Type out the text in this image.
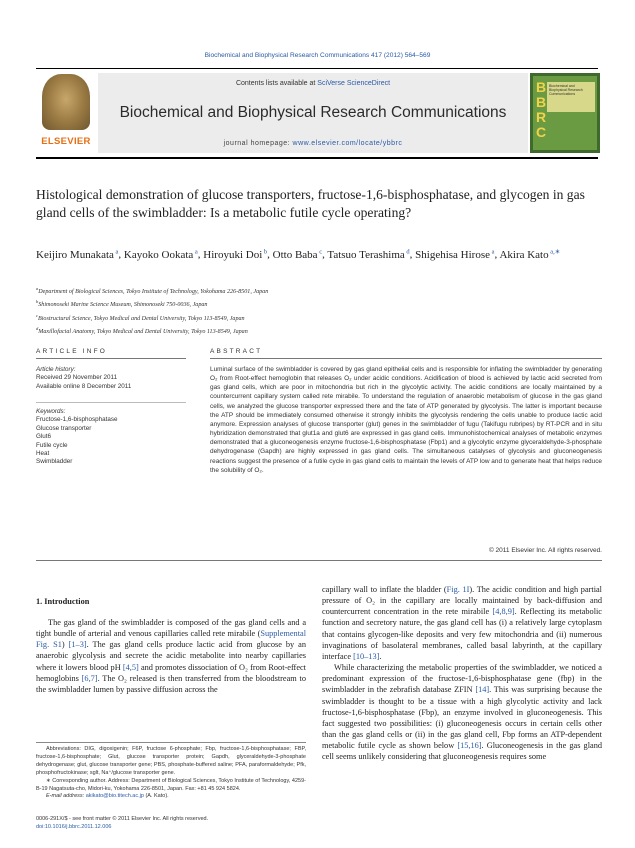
Biochemical and Biophysical Research Communications 417 (2012) 564–569
ELSEVIER
Contents lists available at SciVerse ScienceDirect
Biochemical and Biophysical Research Communications
journal homepage: www.elsevier.com/locate/ybbrc
B
B
R
C
Biochemical and Biophysical Research Communications
Histological demonstration of glucose transporters, fructose-1,6-bisphosphatase, and glycogen in gas gland cells of the swimbladder: Is a metabolic futile cycle operating?
Keijiro Munakata $^a$, Kayoko Ookata $^a$, Hiroyuki Doi $^b$, Otto Baba $^c$, Tatsuo Terashima $^d$, Shigehisa Hirose $^a$, Akira Kato $^{a,∗}$
$^a$Department of Biological Sciences, Tokyo Institute of Technology, Yokohama 226-8501, Japan
$^b$Shimonoseki Marine Science Museum, Shimonoseki 750-0036, Japan
$^c$Biostructural Science, Tokyo Medical and Dental University, Tokyo 113-8549, Japan
$^d$Maxillofacial Anatomy, Tokyo Medical and Dental University, Tokyo 113-8549, Japan
ARTICLE INFO	ABSTRACT
Article history:
Received 29 November 2011
Available online 8 December 2011
Keywords:
Fructose-1,6-bisphosphatase
Glucose transporter
Glut6
Futile cycle
Heat
Swimbladder
Luminal surface of the swimbladder is covered by gas gland epithelial cells and is responsible for inflating the swimbladder by generating O₂ from Root-effect hemoglobin that releases O₂ under acidic conditions. Acidification of blood is achieved by lactic acid secreted from gas gland cells, which are poor in mitochondria but rich in the glycolytic activity. The acidic conditions are locally maintained by a countercurrent capillary system called rete mirabile. To understand the regulation of anaerobic metabolism of glucose in the gas gland cells, we analyzed the glucose transporter expressed there and the fate of ATP generated by glycolysis. The latter is important because the ATP should be immediately consumed otherwise it strongly inhibits the glycolysis rendering the cells unable to produce lactic acid anymore. Expression analyses of glucose transporter (glut) genes in the swimbladder of fugu (Takifugu rubripes) by RT-PCR and in situ hybridization demonstrated that glut1a and glut6 are expressed in gas gland cells. Immunohistochemical analyses of metabolic enzymes demonstrated that a gluconeogenesis enzyme fructose-1,6-bisphosphatase (Fbp1) and a glycolytic enzyme glyceraldehyde-3-phosphate dehydrogenase (Gapdh) are highly expressed in gas gland cells. The simultaneous catalyses of glycolysis and gluconeogenesis reactions suggest the presence of a futile cycle in gas gland cells to maintain the levels of ATP low and to generate heat that helps reduce the solubility of O₂.
© 2011 Elsevier Inc. All rights reserved.
1. Introduction

The gas gland of the swimbladder is composed of the gas gland cells and a tight bundle of arterial and venous capillaries called rete mirabile (Supplemental Fig. S1) [1–3]. The gas gland cells produce lactic acid from glucose by an anaerobic glycolysis and secrete the acidic metabolite into nearby capillaries where it lowers blood pH [4,5] and promotes dissociation of O₂ from Root-effect hemoglobins [6,7]. The O₂ released is then transferred from the bloodstream to the swimbladder lumen by passive diffusion across the

capillary wall to inflate the bladder (Fig. 1I). The acidic condition and high partial pressure of O₂ in the capillary are locally maintained by back-diffusion and countercurrent concentration in the rete mirabile [4,8,9]. Reflecting its metabolic function and secretory nature, the gas gland cell has (i) a relatively large cytoplasm that contains glycogen-like deposits and very few mitochondria and (ii) numerous invaginations of basolateral membranes, called basal labyrinth, at the capillary interface [10–13].

While characterizing the metabolic properties of the swimbladder, we noticed a predominant expression of the fructose-1,6-bisphosphatase gene (fbp) in the swimbladder in the zebrafish database ZFIN [14]. This was surprising because the swimbladder is thought to be a tissue with a high glycolytic activity and lack fructose-1,6-bisphosphatase (Fbp), an enzyme involved in gluconeogenesis. This fact suggested two possibilities: (i) gluconeogenesis occurs in certain cells other than the gas gland cells or (ii) in the gas gland cell, Fbp forms an ATP-dependent metabolic futile cycle as shown below [15,16]. Gluconeogenesis in the gas gland cell seems unlikely considering that gluconeogenesis requires some

Abbreviations: DIG, digoxigenin; F6P, fructose 6-phosphate; Fbp, fructose-1,6-bisphosphatase; FBP, fructose-1,6-bisphosphate; Glut, glucose transporter protein; Gapdh, glyceraldehyde-3-phosphate dehydrogenase; glut, glucose transporter gene; PBS, phosphate-buffered saline; PFA, paraformaldehyde; Pfk, phosphofructokinase; sglt, Na⁺/glucose transporter gene.
∗ Corresponding author. Address: Department of Biological Sciences, Tokyo Institute of Technology, 4259-B-19 Nagatsuta-cho, Midori-ku, Yokohama 226-8501, Japan. Fax: +81 45 924 5824.
E-mail address: akikato@bio.titech.ac.jp (A. Kato).
0006-291X/$ - see front matter © 2011 Elsevier Inc. All rights reserved.
doi:10.1016/j.bbrc.2011.12.006
